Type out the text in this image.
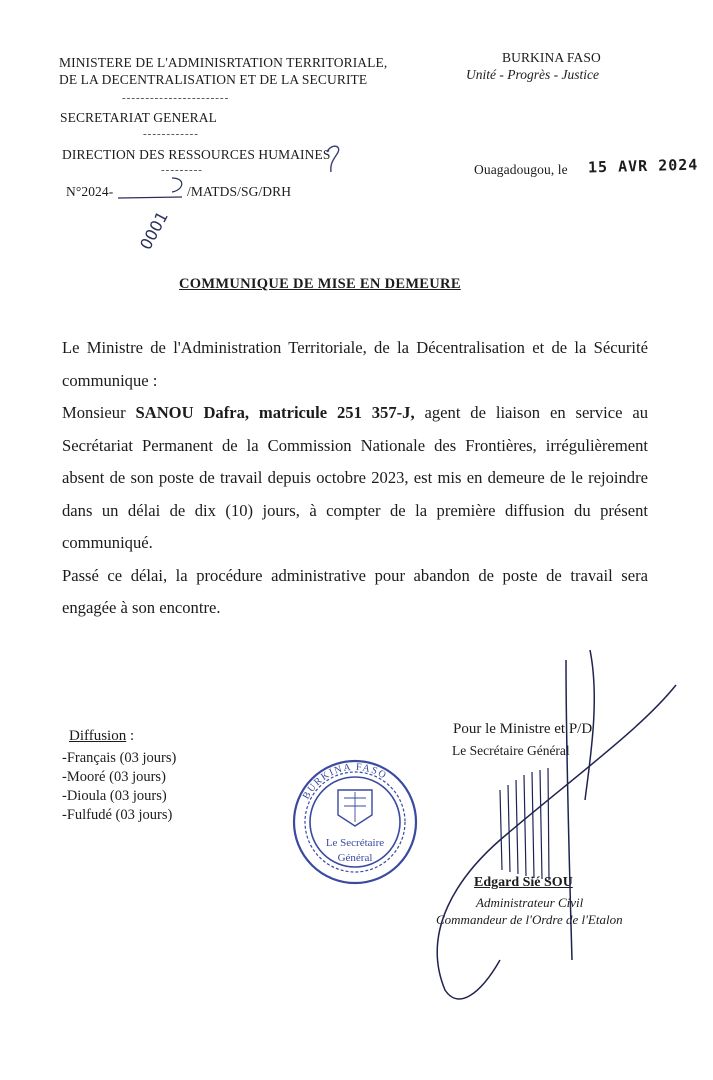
MINISTERE DE L'ADMINISRTATION TERRITORIALE,
DE LA DECENTRALISATION ET DE LA SECURITE
-----------------------
SECRETARIAT GENERAL
------------
DIRECTION DES RESSOURCES HUMAINES
---------
N°2024-	/MATDS/SG/DRH
0001
BURKINA FASO
Unité - Progrès - Justice
Ouagadougou, le 15 AVR 2024
COMMUNIQUE DE MISE EN DEMEURE

Le Ministre de l'Administration Territoriale, de la Décentralisation et de la Sécurité communique :

Monsieur SANOU Dafra, matricule 251 357-J, agent de liaison en service au Secrétariat Permanent de la Commission Nationale des Frontières, irrégulièrement absent de son poste de travail depuis octobre 2023, est mis en demeure de le rejoindre dans un délai de dix (10) jours, à compter de la première diffusion du présent communiqué.

Passé ce délai, la procédure administrative pour abandon de poste de travail sera engagée à son encontre.

Diffusion :
-Français (03 jours)
-Mooré (03 jours)
-Dioula (03 jours)
-Fulfudé (03 jours)
Pour le Ministre et P/D
Le Secrétaire Général
Edgard Sié SOU
Administrateur Civil
Commandeur de l'Ordre de l'Etalon
BURKINA FASO
Le Secrétaire
Général
